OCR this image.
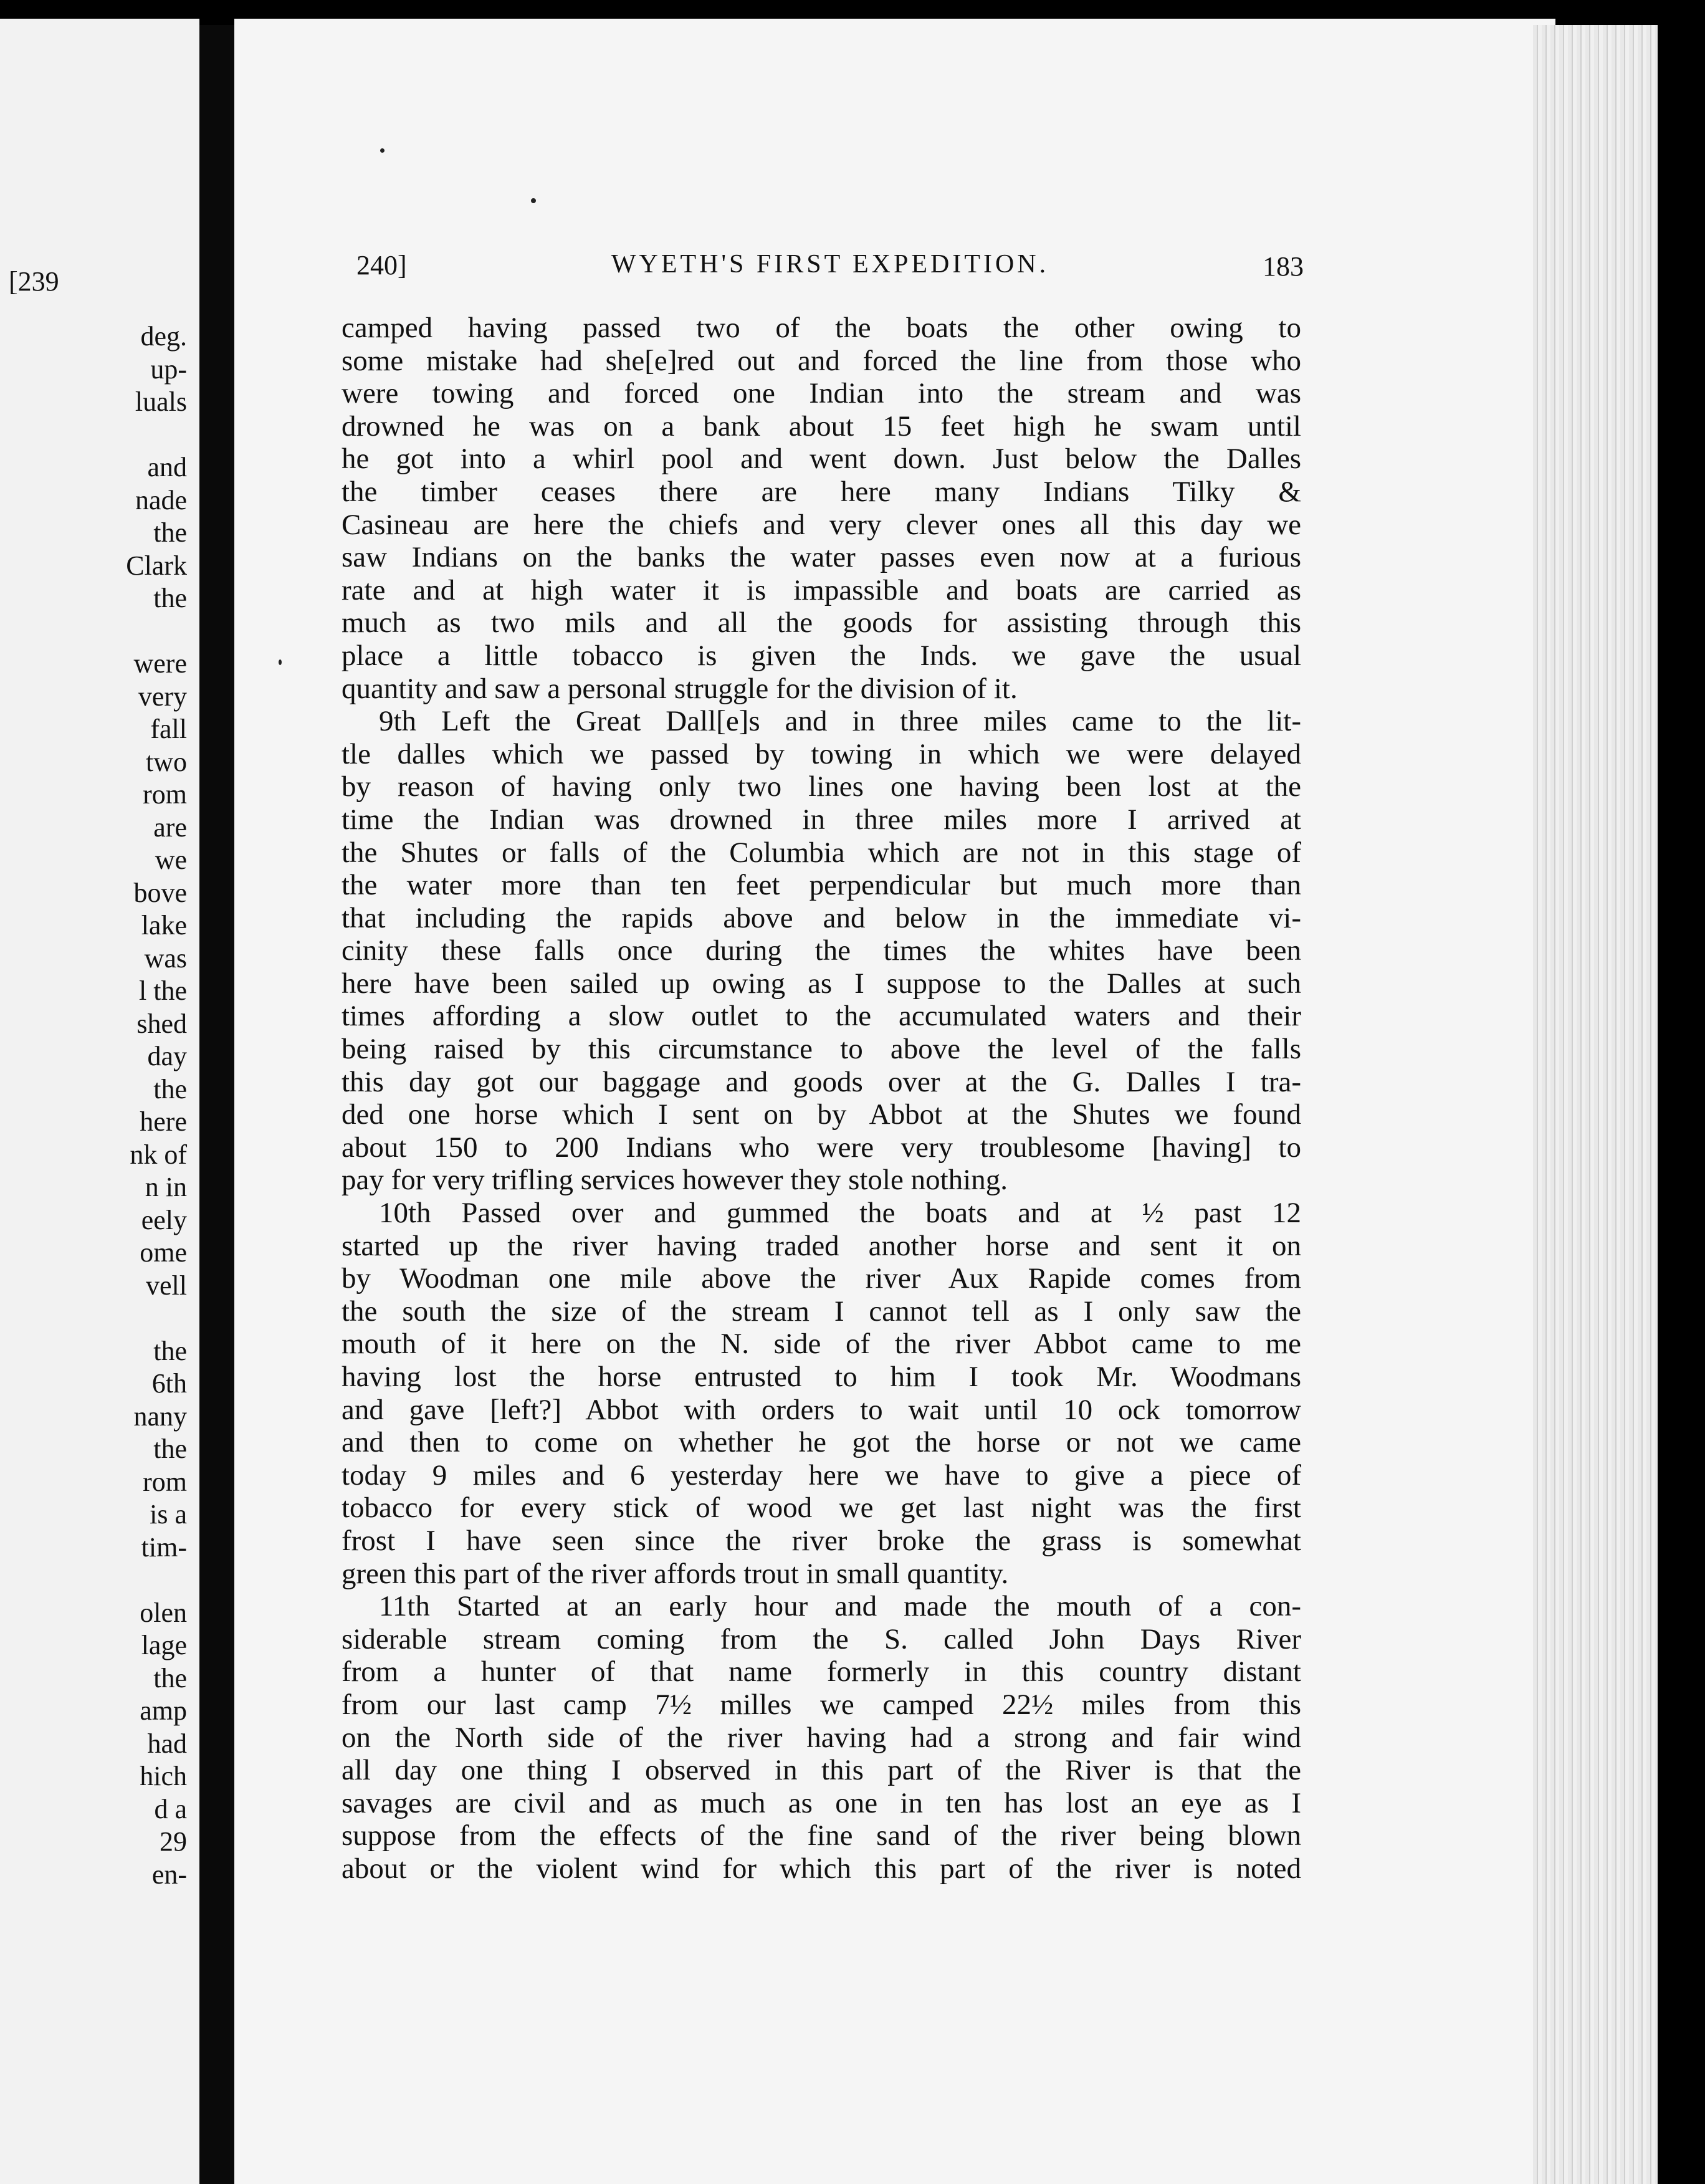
[239
deg.
up-
luals
and
nade
the
Clark
the
were
very
fall
two
rom
are
we
bove
lake
was
l the
shed
day
the
here
nk of
n in
eely
ome
vell
the
6th
nany
the
rom
is a
tim-
olen
lage
the
amp
had
hich
d a
29
en-
240]	WYETH'S FIRST EXPEDITION.	183
camped having passed two of the boats the other owing to
some mistake had she[e]red out and forced the line from those who
were towing and forced one Indian into the stream and was
drowned he was on a bank about 15 feet high he swam until
he got into a whirl pool and went down. Just below the Dalles
the timber ceases there are here many Indians Tilky &
Casineau are here the chiefs and very clever ones all this day we
saw Indians on the banks the water passes even now at a furious
rate and at high water it is impassible and boats are carried as
much as two mils and all the goods for assisting through this
place a little tobacco is given the Inds. we gave the usual
quantity and saw a personal struggle for the division of it.
9th Left the Great Dall[e]s and in three miles came to the lit-
tle dalles which we passed by towing in which we were delayed
by reason of having only two lines one having been lost at the
time the Indian was drowned in three miles more I arrived at
the Shutes or falls of the Columbia which are not in this stage of
the water more than ten feet perpendicular but much more than
that including the rapids above and below in the immediate vi-
cinity these falls once during the times the whites have been
here have been sailed up owing as I suppose to the Dalles at such
times affording a slow outlet to the accumulated waters and their
being raised by this circumstance to above the level of the falls
this day got our baggage and goods over at the G. Dalles I tra-
ded one horse which I sent on by Abbot at the Shutes we found
about 150 to 200 Indians who were very troublesome [having] to
pay for very trifling services however they stole nothing.
10th Passed over and gummed the boats and at ½ past 12
started up the river having traded another horse and sent it on
by Woodman one mile above the river Aux Rapide comes from
the south the size of the stream I cannot tell as I only saw the
mouth of it here on the N. side of the river Abbot came to me
having lost the horse entrusted to him I took Mr. Woodmans
and gave [left?] Abbot with orders to wait until 10 ock tomorrow
and then to come on whether he got the horse or not we came
today 9 miles and 6 yesterday here we have to give a piece of
tobacco for every stick of wood we get last night was the first
frost I have seen since the river broke the grass is somewhat
green this part of the river affords trout in small quantity.
11th Started at an early hour and made the mouth of a con-
siderable stream coming from the S. called John Days River
from a hunter of that name formerly in this country distant
from our last camp 7½ milles we camped 22½ miles from this
on the North side of the river having had a strong and fair wind
all day one thing I observed in this part of the River is that the
savages are civil and as much as one in ten has lost an eye as I
suppose from the effects of the fine sand of the river being blown
about or the violent wind for which this part of the river is noted
